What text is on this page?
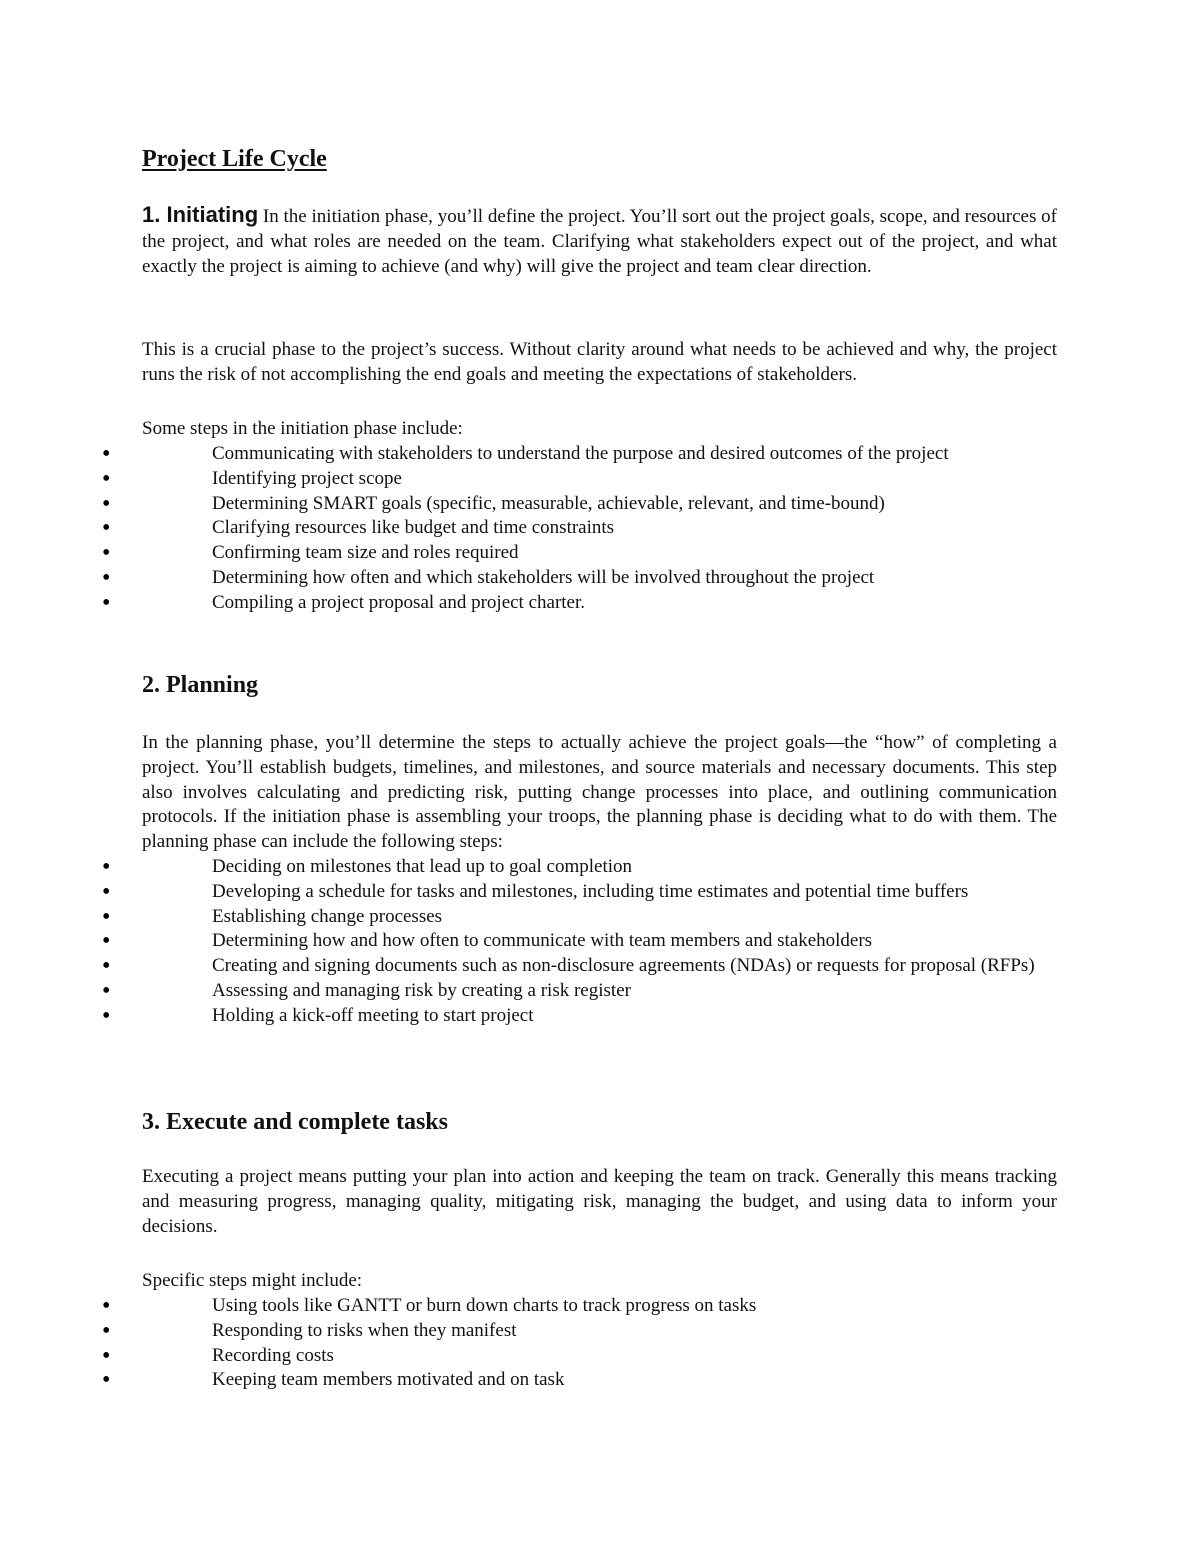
Project Life Cycle

1. Initiating In the initiation phase, you’ll define the project. You’ll sort out the project goals, scope, and resources of the project, and what roles are needed on the team. Clarifying what stakeholders expect out of the project, and what exactly the project is aiming to achieve (and why) will give the project and team clear direction.

This is a crucial phase to the project’s success. Without clarity around what needs to be achieved and why, the project runs the risk of not accomplishing the end goals and meeting the expectations of stakeholders.

Some steps in the initiation phase include:

• Communicating with stakeholders to understand the purpose and desired outcomes of the project
• Identifying project scope
• Determining SMART goals (specific, measurable, achievable, relevant, and time-bound)
• Clarifying resources like budget and time constraints
• Confirming team size and roles required
• Determining how often and which stakeholders will be involved throughout the project
• Compiling a project proposal and project charter.
2. Planning

In the planning phase, you’ll determine the steps to actually achieve the project goals—the “how” of completing a project. You’ll establish budgets, timelines, and milestones, and source materials and necessary documents. This step also involves calculating and predicting risk, putting change processes into place, and outlining communication protocols. If the initiation phase is assembling your troops, the planning phase is deciding what to do with them. The planning phase can include the following steps:

• Deciding on milestones that lead up to goal completion
• Developing a schedule for tasks and milestones, including time estimates and potential time buffers
• Establishing change processes
• Determining how and how often to communicate with team members and stakeholders
• Creating and signing documents such as non-disclosure agreements (NDAs) or requests for proposal (RFPs)
• Assessing and managing risk by creating a risk register
• Holding a kick-off meeting to start project
3. Execute and complete tasks

Executing a project means putting your plan into action and keeping the team on track. Generally this means tracking and measuring progress, managing quality, mitigating risk, managing the budget, and using data to inform your decisions.

Specific steps might include:

• Using tools like GANTT or burn down charts to track progress on tasks
• Responding to risks when they manifest
• Recording costs
• Keeping team members motivated and on task
